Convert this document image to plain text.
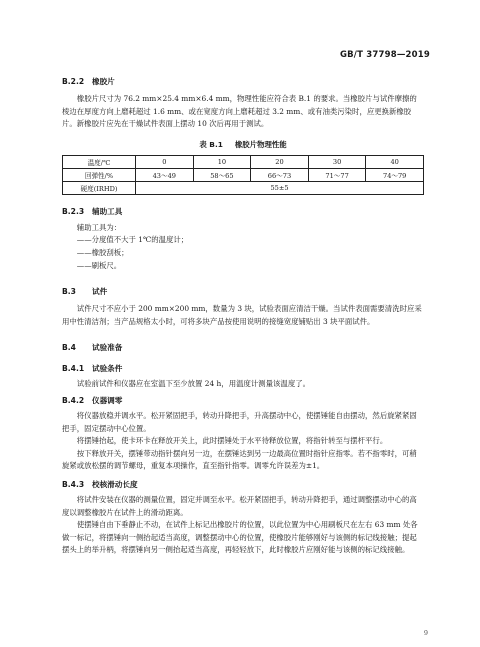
GB/T 37798—2019
B.2.2 橡胶片

橡胶片尺寸为 76.2 mm×25.4 mm×6.4 mm，物理性能应符合表 B.1 的要求。当橡胶片与试件摩擦的棱边在厚度方向上磨耗超过 1.6 mm、或在宽度方向上磨耗超过 3.2 mm、或有油类污染时，应更换新橡胶片。新橡胶片应先在干燥试件表面上摆动 10 次后再用于测试。

表 B.1 橡胶片物理性能
温度/℃	0	10	20	30	40
回弹性/%	43～49	58～65	66～73	71～77	74～79
硬度(IRHD)	55±5				
B.2.3 辅助工具

辅助工具为：

——分度值不大于 1℃的温度计；
——橡胶刮板；
——刷板尺。
B.3 试件

试件尺寸不应小于 200 mm×200 mm，数量为 3 块，试验表面应清洁干燥。当试件表面需要清洗时应采用中性清洁剂；当产品规格太小时，可将多块产品按使用说明的接缝宽度铺贴出 3 块平面试件。

B.4 试验准备
B.4.1 试验条件

试验前试件和仪器应在室温下至少放置 24 h，用温度计测量该温度了。

B.4.2 仪器调零

将仪器放稳并调水平。松开紧固把手，转动升降把手，升高摆动中心，使摆锤能自由摆动，然后旋紧紧固把手，固定摆动中心位置。

将摆锤抬起，使卡环卡在释放开关上，此时摆锤处于水平待释放位置，将指针转至与摆杆平行。

按下释放开关，摆锤带动指针摆向另一边，在摆锤达到另一边最高位置时指针应指零。若不指零时，可稍旋紧或放松摆的调节螺母，重复本项操作，直至指针指零。调零允许误差为±1。

B.4.3 校核滑动长度

将试件安装在仪器的测量位置，固定并调至水平。松开紧固把手，转动升降把手，通过调整摆动中心的高度以调整橡胶片在试件上的滑动距离。

使摆锤自由下垂静止不动，在试件上标记出橡胶片的位置，以此位置为中心用刷板尺在左右 63 mm 处各做一标记，将摆锤向一侧抬起适当高度，调整摆动中心的位置，使橡胶片能够刚好与该侧的标记线接触；提起摆头上的举升柄，将摆锤向另一侧抬起适当高度，再轻轻放下，此时橡胶片应刚好能与该侧的标记线接触。

9
